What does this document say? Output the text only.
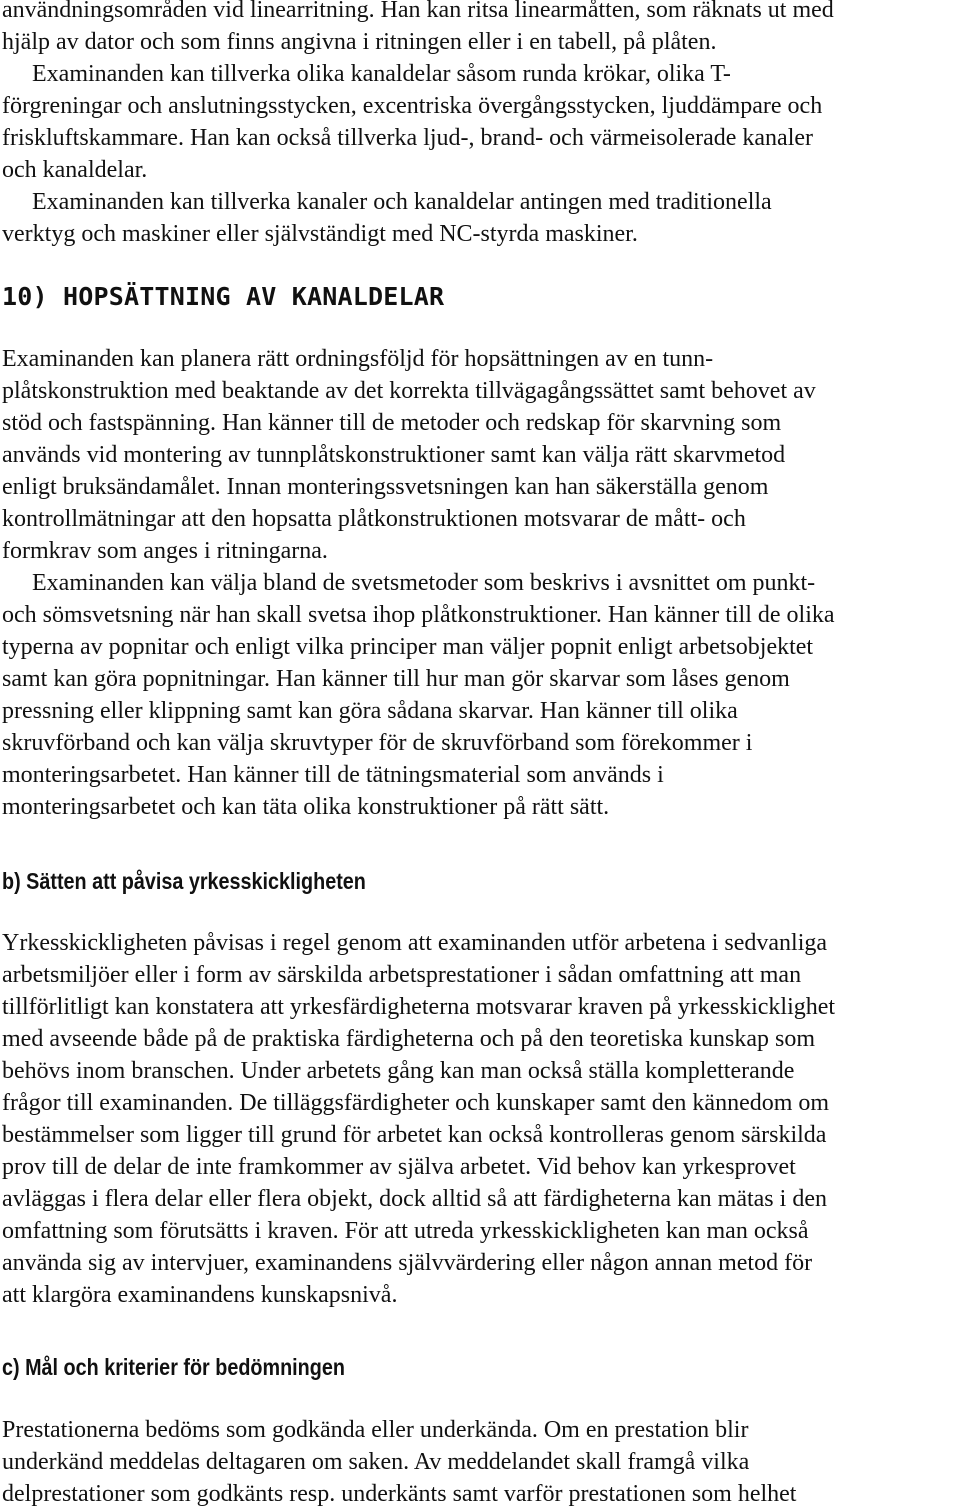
användningsområden vid linearritning. Han kan ritsa linearmåtten, som räknats ut med
hjälp av dator och som finns angivna i ritningen eller i en tabell, på plåten.
Examinanden kan tillverka olika kanaldelar såsom runda krökar, olika T-
förgreningar och anslutningsstycken, excentriska övergångsstycken, ljuddämpare och
friskluftskammare. Han kan också tillverka ljud-, brand- och värmeisolerade kanaler
och kanaldelar.
Examinanden kan tillverka kanaler och kanaldelar antingen med traditionella
verktyg och maskiner eller självständigt med NC-styrda maskiner.
10) HOPSÄTTNING AV KANALDELAR
Examinanden kan planera rätt ordningsföljd för hopsättningen av en tunn-
plåtskonstruktion med beaktande av det korrekta tillvägagångssättet samt behovet av
stöd och fastspänning. Han känner till de metoder och redskap för skarvning som
används vid montering av tunnplåtskonstruktioner samt kan välja rätt skarvmetod
enligt bruksändamålet. Innan monteringssvetsningen kan han säkerställa genom
kontrollmätningar att den hopsatta plåtkonstruktionen motsvarar de mått- och
formkrav som anges i ritningarna.
Examinanden kan välja bland de svetsmetoder som beskrivs i avsnittet om punkt-
och sömsvetsning när han skall svetsa ihop plåtkonstruktioner. Han känner till de olika
typerna av popnitar och enligt vilka principer man väljer popnit enligt arbetsobjektet
samt kan göra popnitningar. Han känner till hur man gör skarvar som låses genom
pressning eller klippning samt kan göra sådana skarvar. Han känner till olika
skruvförband och kan välja skruvtyper för de skruvförband som förekommer i
monteringsarbetet. Han känner till de tätningsmaterial som används i
monteringsarbetet och kan täta olika konstruktioner på rätt sätt.
b) Sätten att påvisa yrkesskickligheten
Yrkesskickligheten påvisas i regel genom att examinanden utför arbetena i sedvanliga
arbetsmiljöer eller i form av särskilda arbetsprestationer i sådan omfattning att man
tillförlitligt kan konstatera att yrkesfärdigheterna motsvarar kraven på yrkesskicklighet
med avseende både på de praktiska färdigheterna och på den teoretiska kunskap som
behövs inom branschen. Under arbetets gång kan man också ställa kompletterande
frågor till examinanden. De tilläggsfärdigheter och kunskaper samt den kännedom om
bestämmelser som ligger till grund för arbetet kan också kontrolleras genom särskilda
prov till de delar de inte framkommer av själva arbetet. Vid behov kan yrkesprovet
avläggas i flera delar eller flera objekt, dock alltid så att färdigheterna kan mätas i den
omfattning som förutsätts i kraven. För att utreda yrkesskickligheten kan man också
använda sig av intervjuer, examinandens självvärdering eller någon annan metod för
att klargöra examinandens kunskapsnivå.
c) Mål och kriterier för bedömningen
Prestationerna bedöms som godkända eller underkända. Om en prestation blir
underkänd meddelas deltagaren om saken. Av meddelandet skall framgå vilka
delprestationer som godkänts resp. underkänts samt varför prestationen som helhet
